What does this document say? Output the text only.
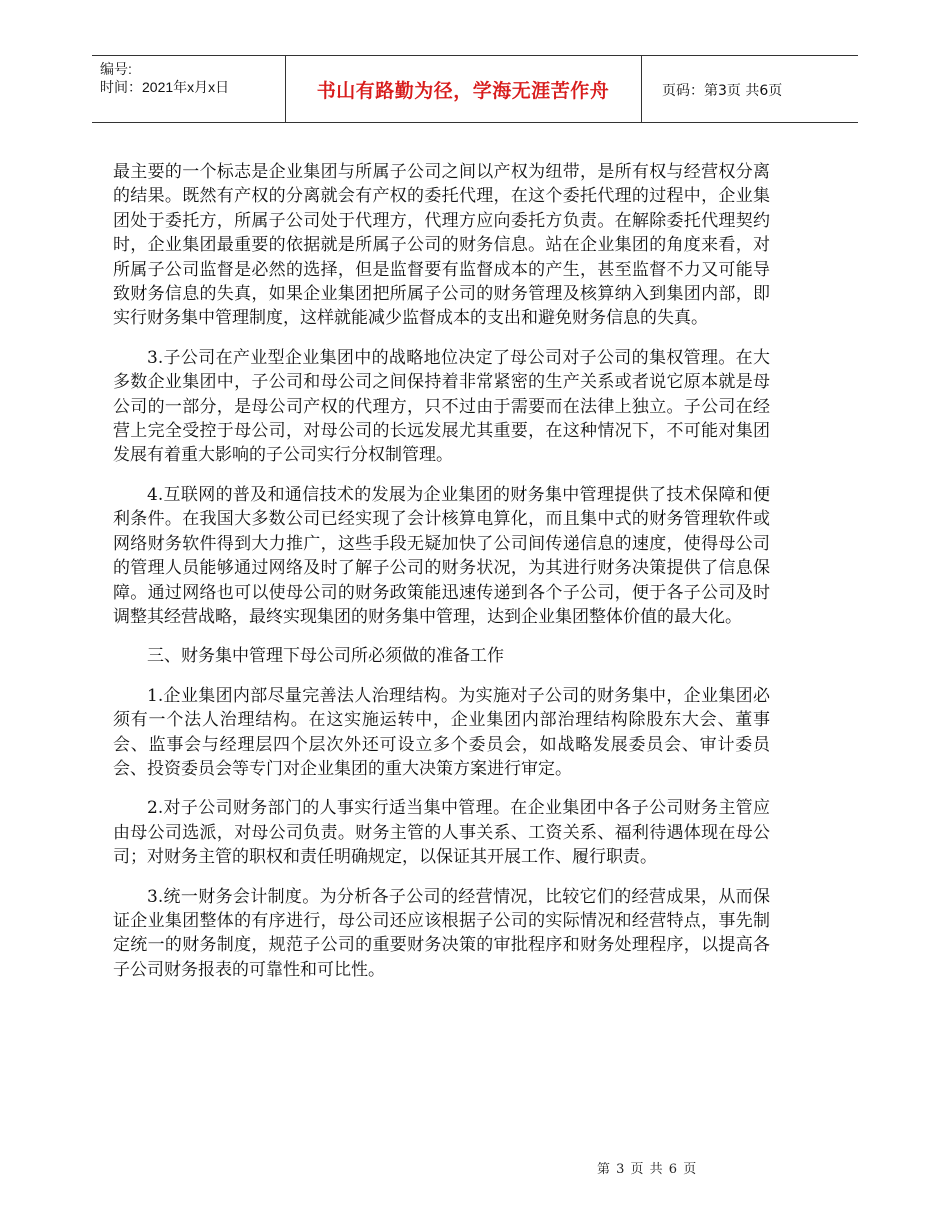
编号:
时间：2021年x月x日	书山有路勤为径，学海无涯苦作舟	页码：第3页 共6页

最主要的一个标志是企业集团与所属子公司之间以产权为纽带，是所有权与经营权分离的结果。既然有产权的分离就会有产权的委托代理，在这个委托代理的过程中，企业集团处于委托方，所属子公司处于代理方，代理方应向委托方负责。在解除委托代理契约时，企业集团最重要的依据就是所属子公司的财务信息。站在企业集团的角度来看，对所属子公司监督是必然的选择，但是监督要有监督成本的产生，甚至监督不力又可能导致财务信息的失真，如果企业集团把所属子公司的财务管理及核算纳入到集团内部，即实行财务集中管理制度，这样就能减少监督成本的支出和避免财务信息的失真。

3.子公司在产业型企业集团中的战略地位决定了母公司对子公司的集权管理。在大多数企业集团中，子公司和母公司之间保持着非常紧密的生产关系或者说它原本就是母公司的一部分，是母公司产权的代理方，只不过由于需要而在法律上独立。子公司在经营上完全受控于母公司，对母公司的长远发展尤其重要，在这种情况下，不可能对集团发展有着重大影响的子公司实行分权制管理。

4.互联网的普及和通信技术的发展为企业集团的财务集中管理提供了技术保障和便利条件。在我国大多数公司已经实现了会计核算电算化，而且集中式的财务管理软件或网络财务软件得到大力推广，这些手段无疑加快了公司间传递信息的速度，使得母公司的管理人员能够通过网络及时了解子公司的财务状况，为其进行财务决策提供了信息保障。通过网络也可以使母公司的财务政策能迅速传递到各个子公司，便于各子公司及时调整其经营战略，最终实现集团的财务集中管理，达到企业集团整体价值的最大化。

三、财务集中管理下母公司所必须做的准备工作

1.企业集团内部尽量完善法人治理结构。为实施对子公司的财务集中，企业集团必须有一个法人治理结构。在这实施运转中，企业集团内部治理结构除股东大会、董事会、监事会与经理层四个层次外还可设立多个委员会，如战略发展委员会、审计委员会、投资委员会等专门对企业集团的重大决策方案进行审定。

2.对子公司财务部门的人事实行适当集中管理。在企业集团中各子公司财务主管应由母公司选派，对母公司负责。财务主管的人事关系、工资关系、福利待遇体现在母公司；对财务主管的职权和责任明确规定，以保证其开展工作、履行职责。

3.统一财务会计制度。为分析各子公司的经营情况，比较它们的经营成果，从而保证企业集团整体的有序进行，母公司还应该根据子公司的实际情况和经营特点，事先制定统一的财务制度，规范子公司的重要财务决策的审批程序和财务处理程序，以提高各子公司财务报表的可靠性和可比性。

第 3 页 共 6 页
